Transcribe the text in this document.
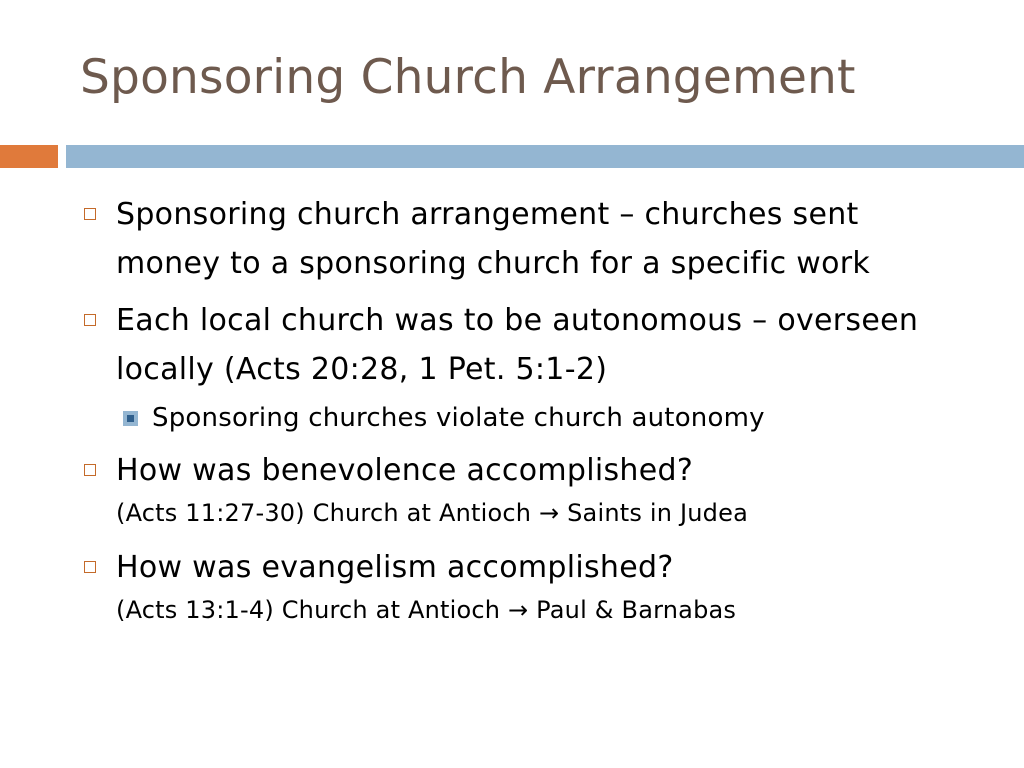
Sponsoring Church Arrangement
Sponsoring church arrangement – churches sent
money to a sponsoring church for a specific work
Each local church was to be autonomous – overseen
locally (Acts 20:28, 1 Pet. 5:1-2)
Sponsoring churches violate church autonomy
How was benevolence accomplished?
(Acts 11:27-30) Church at Antioch → Saints in Judea
How was evangelism accomplished?
(Acts 13:1-4) Church at Antioch → Paul & Barnabas
